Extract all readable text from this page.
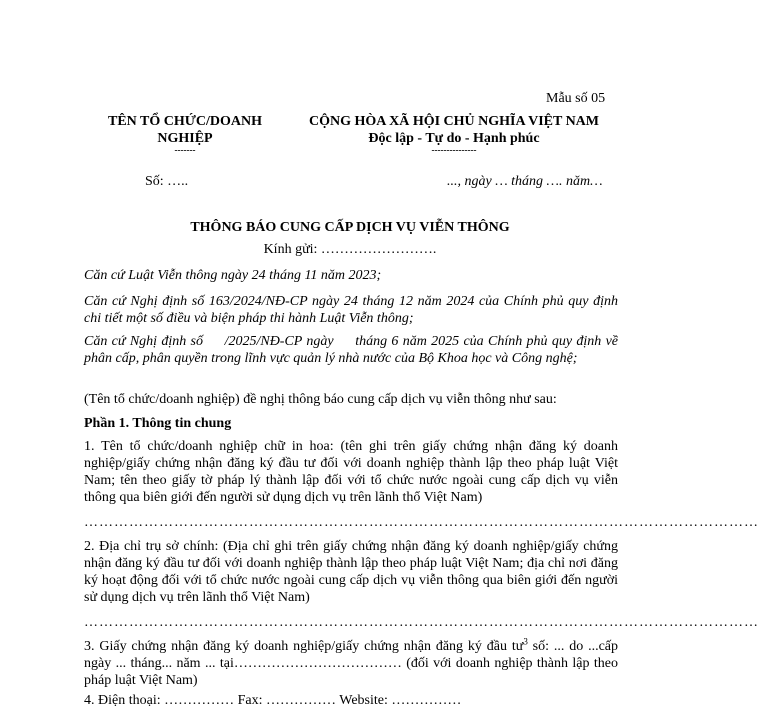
Mẫu số 05
TÊN TỔ CHỨC/DOANH
NGHIỆP
-------
Số: …..
CỘNG HÒA XÃ HỘI CHỦ NGHĨA VIỆT NAM
Độc lập - Tự do - Hạnh phúc
---------------
..., ngày … tháng …. năm…
THÔNG BÁO CUNG CẤP DỊCH VỤ VIỄN THÔNG
Kính gửi: …………………….
Căn cứ Luật Viễn thông ngày 24 tháng 11 năm 2023;
Căn cứ Nghị định số 163/2024/NĐ-CP ngày 24 tháng 12 năm 2024 của Chính phủ quy định chi tiết một số điều và biện pháp thi hành Luật Viễn thông;
Căn cứ Nghị định số     /2025/NĐ-CP ngày     tháng 6 năm 2025 của Chính phủ quy định về phân cấp, phân quyền trong lĩnh vực quản lý nhà nước của Bộ Khoa học và Công nghệ;
(Tên tổ chức/doanh nghiệp) đề nghị thông báo cung cấp dịch vụ viễn thông như sau:
Phần 1. Thông tin chung
1. Tên tổ chức/doanh nghiệp chữ in hoa: (tên ghi trên giấy chứng nhận đăng ký doanh nghiệp/giấy chứng nhận đăng ký đầu tư đối với doanh nghiệp thành lập theo pháp luật Việt Nam; tên theo giấy tờ pháp lý thành lập đối với tổ chức nước ngoài cung cấp dịch vụ viễn thông qua biên giới đến người sử dụng dịch vụ trên lãnh thổ Việt Nam)
………………………………………………………………………………………………………………………
2. Địa chỉ trụ sở chính: (Địa chỉ ghi trên giấy chứng nhận đăng ký doanh nghiệp/giấy chứng nhận đăng ký đầu tư đối với doanh nghiệp thành lập theo pháp luật Việt Nam; địa chỉ nơi đăng ký hoạt động đối với tổ chức nước ngoài cung cấp dịch vụ viễn thông qua biên giới đến người sử dụng dịch vụ trên lãnh thổ Việt Nam)
………………………………………………………………………………………………………………………
3. Giấy chứng nhận đăng ký doanh nghiệp/giấy chứng nhận đăng ký đầu $tư^3$ số: ... do ...cấp ngày ... tháng... năm ... tại……………………………… (đối với doanh nghiệp thành lập theo pháp luật Việt Nam)
4. Điện thoại: …………… Fax: …………… Website: ……………
